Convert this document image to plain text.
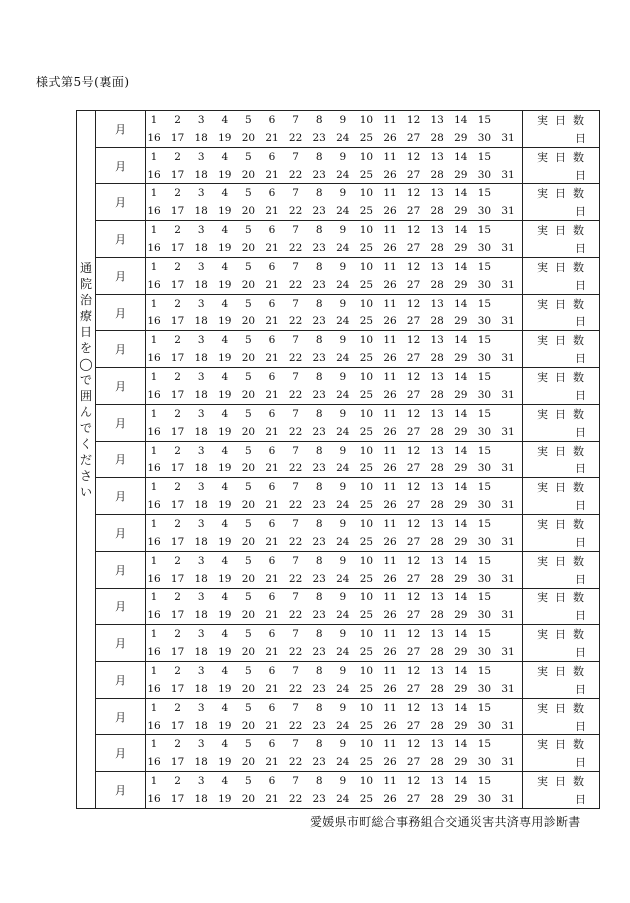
様式第5号(裏面)
通
院
治
療
日
を
◯
で
囲
ん
で
く
だ
さ
い
月
1 2 3 4 5 6 7 8 9 10 11 12 13 14 15
16 17 18 19 20 21 22 23 24 25 26 27 28 29 30 31
実日数
日
月
1 2 3 4 5 6 7 8 9 10 11 12 13 14 15
16 17 18 19 20 21 22 23 24 25 26 27 28 29 30 31
実日数
日
月
1 2 3 4 5 6 7 8 9 10 11 12 13 14 15
16 17 18 19 20 21 22 23 24 25 26 27 28 29 30 31
実日数
日
月
1 2 3 4 5 6 7 8 9 10 11 12 13 14 15
16 17 18 19 20 21 22 23 24 25 26 27 28 29 30 31
実日数
日
月
1 2 3 4 5 6 7 8 9 10 11 12 13 14 15
16 17 18 19 20 21 22 23 24 25 26 27 28 29 30 31
実日数
日
月
1 2 3 4 5 6 7 8 9 10 11 12 13 14 15
16 17 18 19 20 21 22 23 24 25 26 27 28 29 30 31
実日数
日
月
1 2 3 4 5 6 7 8 9 10 11 12 13 14 15
16 17 18 19 20 21 22 23 24 25 26 27 28 29 30 31
実日数
日
月
1 2 3 4 5 6 7 8 9 10 11 12 13 14 15
16 17 18 19 20 21 22 23 24 25 26 27 28 29 30 31
実日数
日
月
1 2 3 4 5 6 7 8 9 10 11 12 13 14 15
16 17 18 19 20 21 22 23 24 25 26 27 28 29 30 31
実日数
日
月
1 2 3 4 5 6 7 8 9 10 11 12 13 14 15
16 17 18 19 20 21 22 23 24 25 26 27 28 29 30 31
実日数
日
月
1 2 3 4 5 6 7 8 9 10 11 12 13 14 15
16 17 18 19 20 21 22 23 24 25 26 27 28 29 30 31
実日数
日
月
1 2 3 4 5 6 7 8 9 10 11 12 13 14 15
16 17 18 19 20 21 22 23 24 25 26 27 28 29 30 31
実日数
日
月
1 2 3 4 5 6 7 8 9 10 11 12 13 14 15
16 17 18 19 20 21 22 23 24 25 26 27 28 29 30 31
実日数
日
月
1 2 3 4 5 6 7 8 9 10 11 12 13 14 15
16 17 18 19 20 21 22 23 24 25 26 27 28 29 30 31
実日数
日
月
1 2 3 4 5 6 7 8 9 10 11 12 13 14 15
16 17 18 19 20 21 22 23 24 25 26 27 28 29 30 31
実日数
日
月
1 2 3 4 5 6 7 8 9 10 11 12 13 14 15
16 17 18 19 20 21 22 23 24 25 26 27 28 29 30 31
実日数
日
月
1 2 3 4 5 6 7 8 9 10 11 12 13 14 15
16 17 18 19 20 21 22 23 24 25 26 27 28 29 30 31
実日数
日
月
1 2 3 4 5 6 7 8 9 10 11 12 13 14 15
16 17 18 19 20 21 22 23 24 25 26 27 28 29 30 31
実日数
日
月
1 2 3 4 5 6 7 8 9 10 11 12 13 14 15
16 17 18 19 20 21 22 23 24 25 26 27 28 29 30 31
実日数
日
愛媛県市町総合事務組合交通災害共済専用診断書
